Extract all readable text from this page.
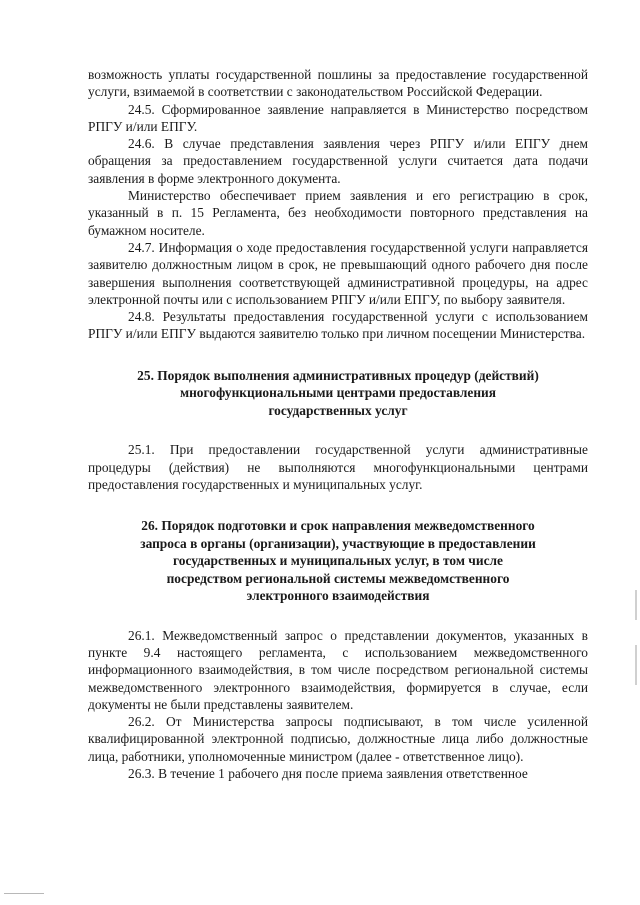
возможность уплаты государственной пошлины за предоставление государственной услуги, взимаемой в соответствии с законодательством Российской Федерации.

24.5. Сформированное заявление направляется в Министерство посредством РПГУ и/или ЕПГУ.

24.6. В случае представления заявления через РПГУ и/или ЕПГУ днем обращения за предоставлением государственной услуги считается дата подачи заявления в форме электронного документа.

Министерство обеспечивает прием заявления и его регистрацию в срок, указанный в п. 15 Регламента, без необходимости повторного представления на бумажном носителе.

24.7. Информация о ходе предоставления государственной услуги направляется заявителю должностным лицом в срок, не превышающий одного рабочего дня после завершения выполнения соответствующей административной процедуры, на адрес электронной почты или с использованием РПГУ и/или ЕПГУ, по выбору заявителя.

24.8. Результаты предоставления государственной услуги с использованием РПГУ и/или ЕПГУ выдаются заявителю только при личном посещении Министерства.

25. Порядок выполнения административных процедур (действий)

многофункциональными центрами предоставления

государственных услуг

25.1. При предоставлении государственной услуги административные процедуры (действия) не выполняются многофункциональными центрами предоставления государственных и муниципальных услуг.

26. Порядок подготовки и срок направления межведомственного

запроса в органы (организации), участвующие в предоставлении

государственных и муниципальных услуг, в том числе

посредством региональной системы межведомственного

электронного взаимодействия

26.1. Межведомственный запрос о представлении документов, указанных в пункте 9.4 настоящего регламента, с использованием межведомственного информационного взаимодействия, в том числе посредством региональной системы межведомственного электронного взаимодействия, формируется в случае, если документы не были представлены заявителем.

26.2. От Министерства запросы подписывают, в том числе усиленной квалифицированной электронной подписью, должностные лица либо должностные лица, работники, уполномоченные министром (далее - ответственное лицо).

26.3. В течение 1 рабочего дня после приема заявления ответственное
